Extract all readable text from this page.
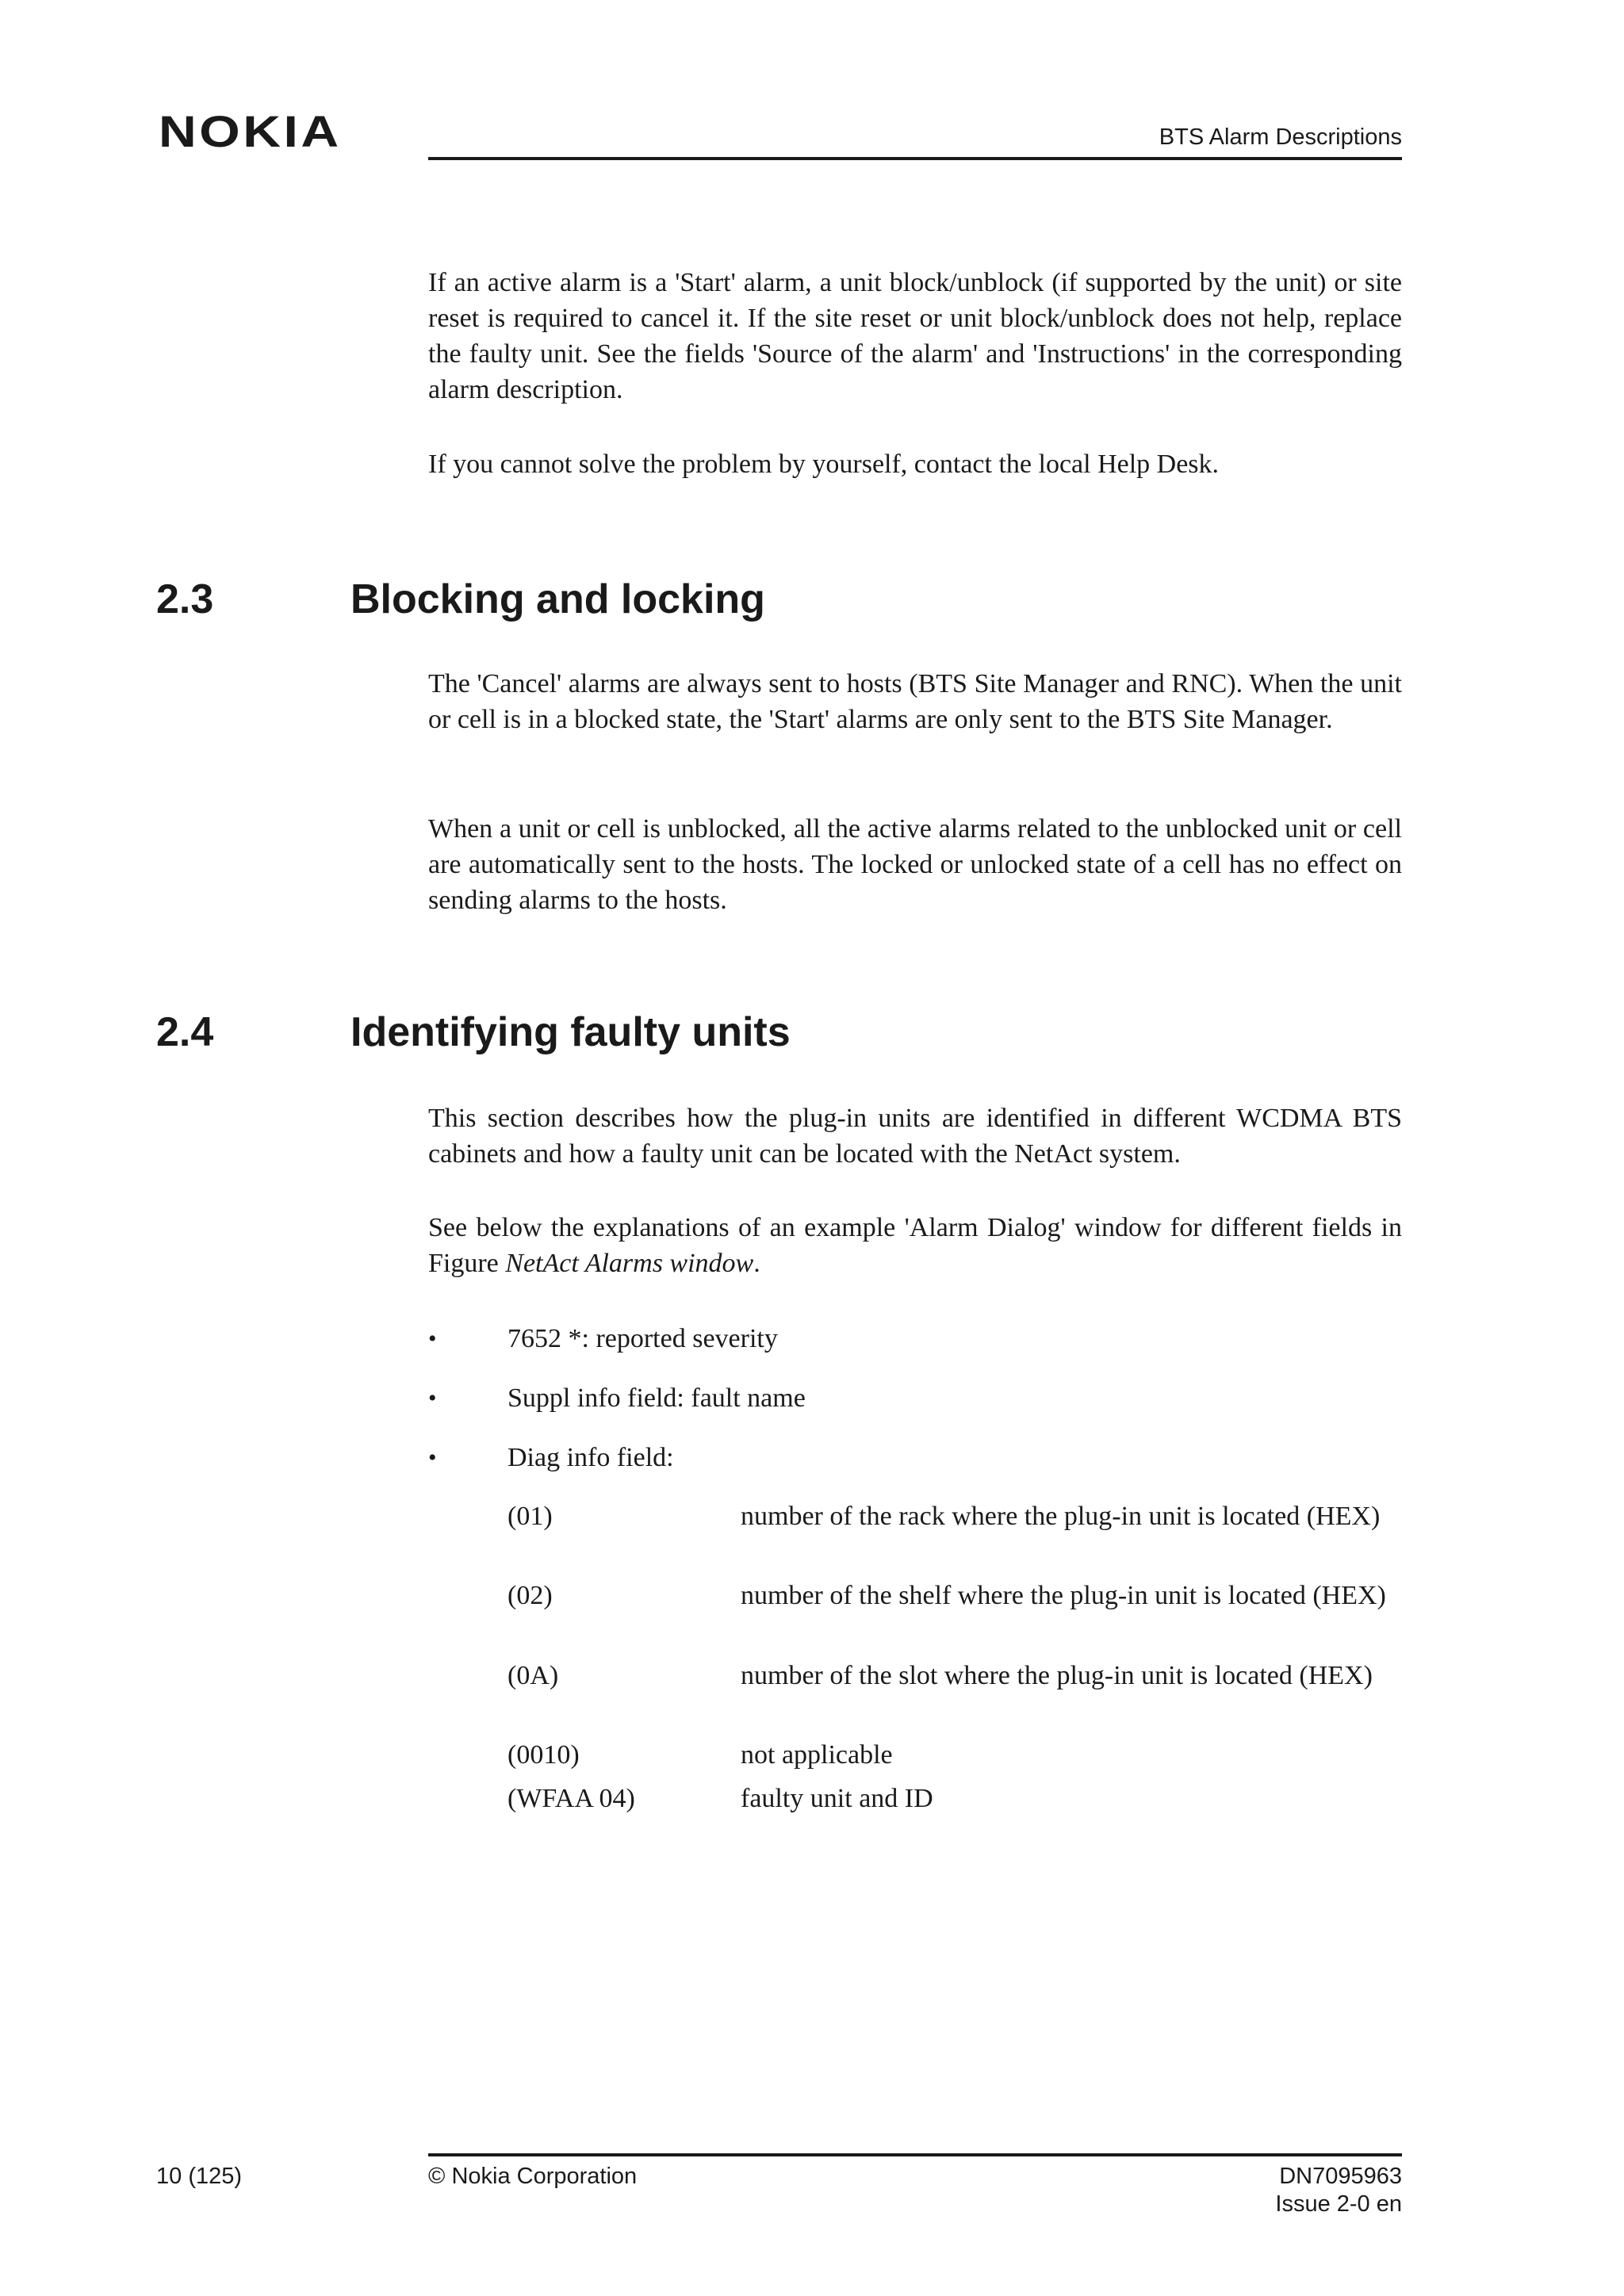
NOKIA	BTS Alarm Descriptions

If an active alarm is a 'Start' alarm, a unit block/unblock (if supported by the unit) or site reset is required to cancel it. If the site reset or unit block/unblock does not help, replace the faulty unit. See the fields 'Source of the alarm' and 'Instructions' in the corresponding alarm description.

If you cannot solve the problem by yourself, contact the local Help Desk.

2.3	Blocking and locking

The 'Cancel' alarms are always sent to hosts (BTS Site Manager and RNC). When the unit or cell is in a blocked state, the 'Start' alarms are only sent to the BTS Site Manager.

When a unit or cell is unblocked, all the active alarms related to the unblocked unit or cell are automatically sent to the hosts. The locked or unlocked state of a cell has no effect on sending alarms to the hosts.

2.4	Identifying faulty units

This section describes how the plug-in units are identified in different WCDMA BTS cabinets and how a faulty unit can be located with the NetAct system.

See below the explanations of an example 'Alarm Dialog' window for different fields in Figure NetAct Alarms window.

•	7652 *: reported severity
•	Suppl info field: fault name
•	Diag info field:
(01)	number of the rack where the plug-in unit is located (HEX)
(02)	number of the shelf where the plug-in unit is located (HEX)
(0A)	number of the slot where the plug-in unit is located (HEX)
(0010)	not applicable
(WFAA 04)	faulty unit and ID
10 (125)	© Nokia Corporation	DN7095963
Issue 2-0 en
